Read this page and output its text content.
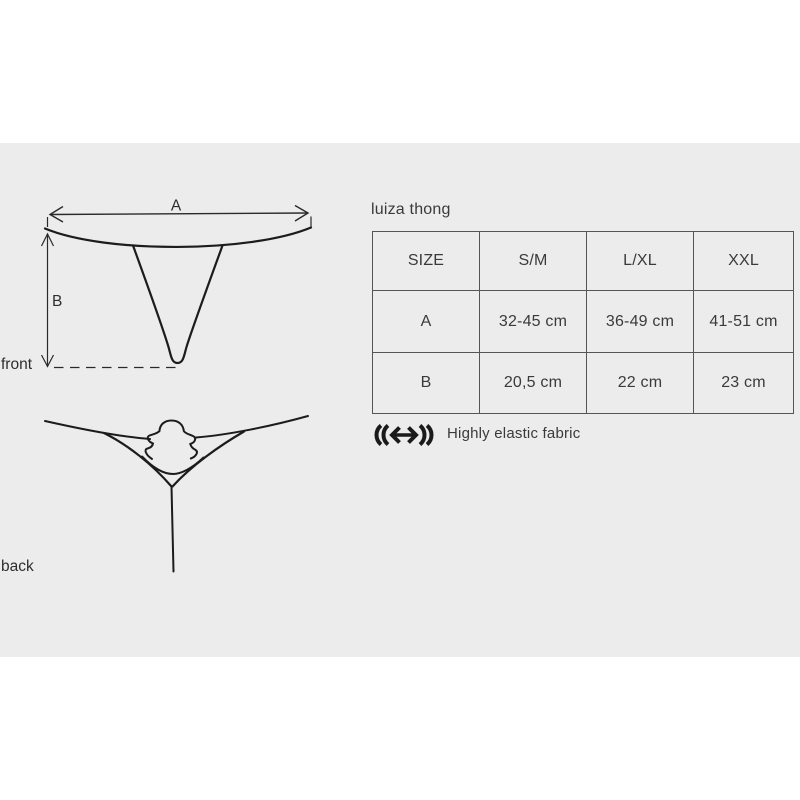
A
B
front
back
luiza thong
SIZE	S/M	L/XL	XXL
A	32-45 cm	36-49 cm	41-51 cm
B	20,5 cm	22 cm	23 cm
Highly elastic fabric
